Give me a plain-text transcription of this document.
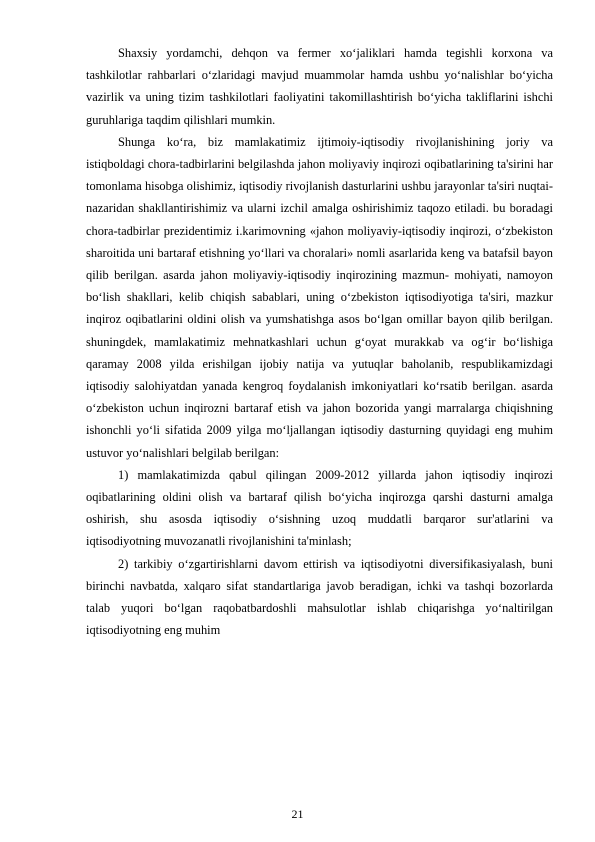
Shaxsiy yordamchi, dehqon va fermer xo‘jaliklari hamda tegishli korxona va tashkilotlar rahbarlari o‘zlaridagi mavjud muammolar hamda ushbu yo‘nalishlar bo‘yicha vazirlik va uning tizim tashkilotlari faoliyatini takomillashtirish bo‘yicha takliflarini ishchi guruhlariga taqdim qilishlari mumkin.

Shunga ko‘ra, biz mamlakatimiz ijtimoiy-iqtisodiy rivojlanishining joriy va istiqboldagi chora-tadbirlarini belgilashda jahon moliyaviy inqirozi oqibatlarining ta'sirini har tomonlama hisobga olishimiz, iqtisodiy rivojlanish dasturlarini ushbu jarayonlar ta'siri nuqtai- nazaridan shakllantirishimiz va ularni izchil amalga oshirishimiz taqozo etiladi. bu boradagi chora-tadbirlar prezidentimiz i.karimovning «jahon moliyaviy-iqtisodiy inqirozi, o‘zbekiston sharoitida uni bartaraf etishning yo‘llari va choralari» nomli asarlarida keng va batafsil bayon qilib berilgan. asarda jahon moliyaviy-iqtisodiy inqirozining mazmun- mohiyati, namoyon bo‘lish shakllari, kelib chiqish sabablari, uning o‘zbekiston iqtisodiyotiga ta'siri, mazkur inqiroz oqibatlarini oldini olish va yumshatishga asos bo‘lgan omillar bayon qilib berilgan. shuningdek, mamlakatimiz mehnatkashlari uchun g‘oyat murakkab va og‘ir bo‘lishiga qaramay 2008 yilda erishilgan ijobiy natija va yutuqlar baholanib, respublikamizdagi iqtisodiy salohiyatdan yanada kengroq foydalanish imkoniyatlari ko‘rsatib berilgan. asarda o‘zbekiston uchun inqirozni bartaraf etish va jahon bozorida yangi marralarga chiqishning ishonchli yo‘li sifatida 2009 yilga mo‘ljallangan iqtisodiy dasturning quyidagi eng muhim ustuvor yo‘nalishlari belgilab berilgan:

1) mamlakatimizda qabul qilingan 2009-2012 yillarda jahon iqtisodiy inqirozi oqibatlarining oldini olish va bartaraf qilish bo‘yicha inqirozga qarshi dasturni amalga oshirish, shu asosda iqtisodiy o‘sishning uzoq muddatli barqaror sur'atlarini va iqtisodiyotning muvozanatli rivojlanishini ta'minlash;

2) tarkibiy o‘zgartirishlarni davom ettirish va iqtisodiyotni diversifikasiyalash, buni birinchi navbatda, xalqaro sifat standartlariga javob beradigan, ichki va tashqi bozorlarda talab yuqori bo‘lgan raqobatbardoshli mahsulotlar ishlab chiqarishga yo‘naltirilgan iqtisodiyotning eng muhim

21
